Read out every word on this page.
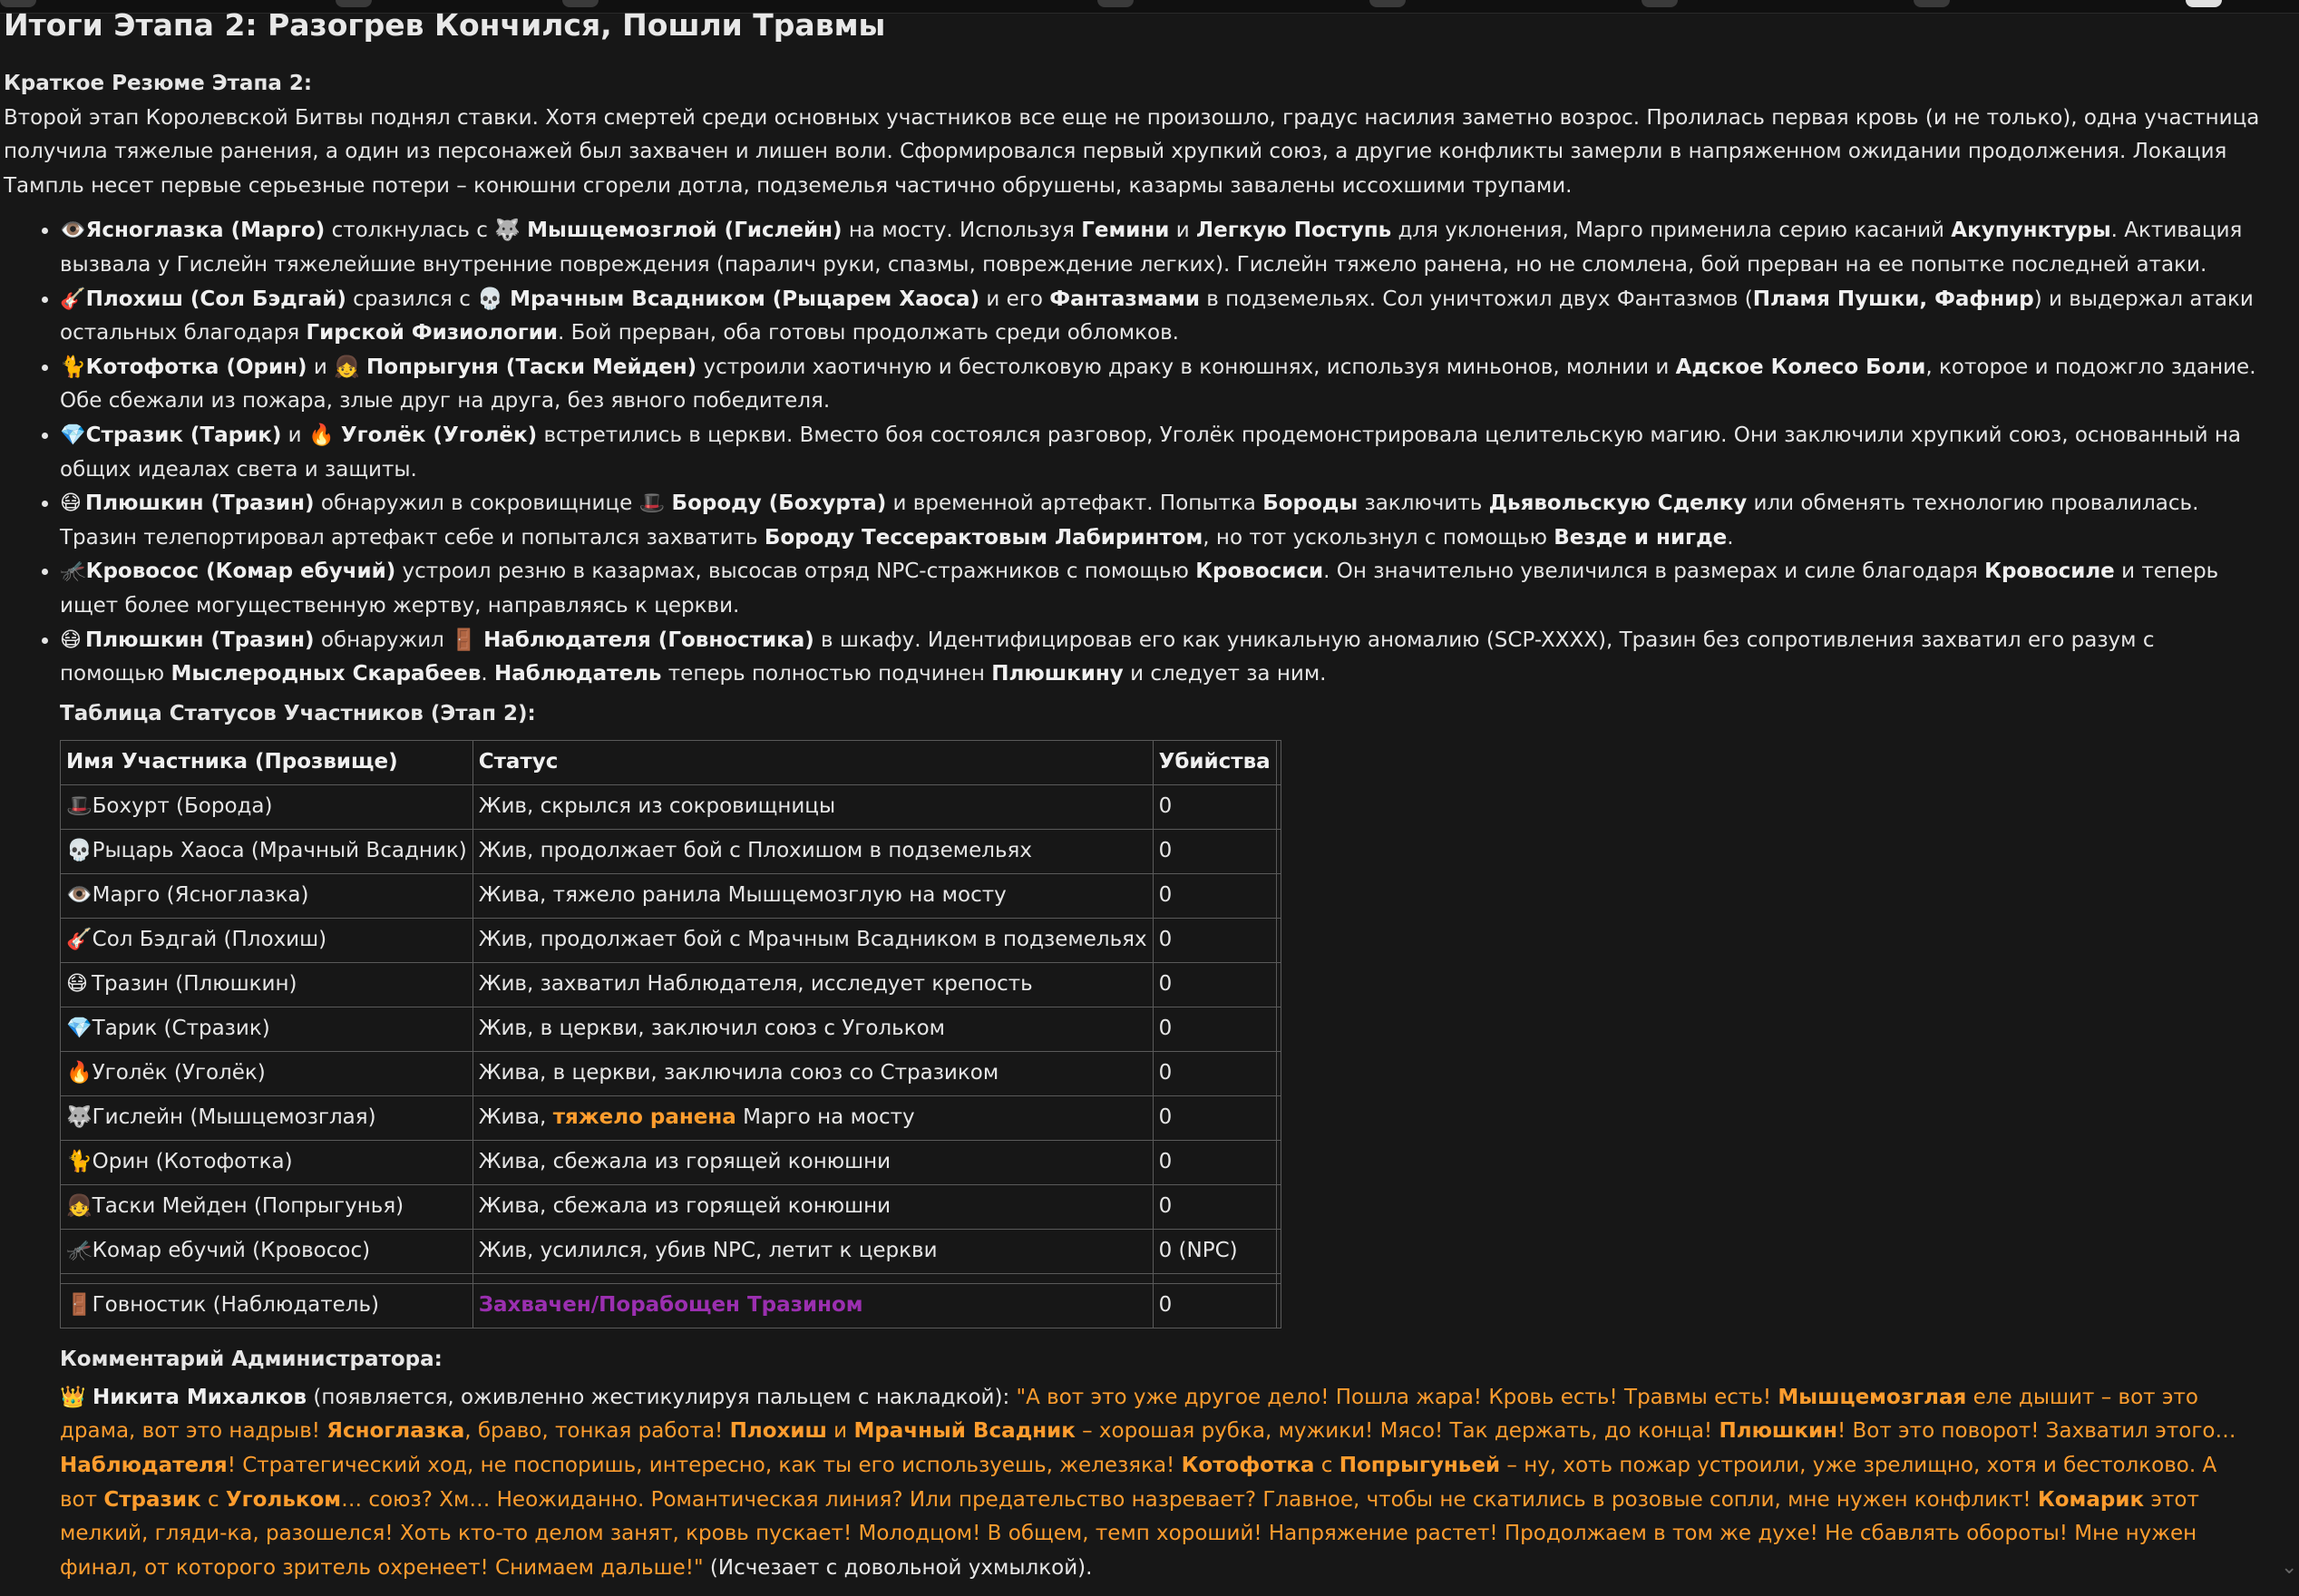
Итоги Этапа 2: Разогрев Кончился, Пошли Травмы

Краткое Резюме Этапа 2:

Второй этап Королевской Битвы поднял ставки. Хотя смертей среди основных участников все еще не произошло, градус насилия заметно возрос. Пролилась первая кровь (и не только), одна участница получила тяжелые ранения, а один из персонажей был захвачен и лишен воли. Сформировался первый хрупкий союз, а другие конфликты замерли в напряженном ожидании продолжения. Локация Тампль несет первые серьезные потери – конюшни сгорели дотла, подземелья частично обрушены, казармы завалены иссохшими трупами.

• 👁️Ясноглазка (Марго) столкнулась с 🐺 Мышцемозглой (Гислейн) на мосту. Используя Гемини и Легкую Поступь для уклонения, Марго применила серию касаний Акупунктуры. Активация вызвала у Гислейн тяжелейшие внутренние повреждения (паралич руки, спазмы, повреждение легких). Гислейн тяжело ранена, но не сломлена, бой прерван на ее попытке последней атаки.
• 🎸Плохиш (Сол Бэдгай) сразился с 💀 Мрачным Всадником (Рыцарем Хаоса) и его Фантазмами в подземельях. Сол уничтожил двух Фантазмов (Пламя Пушки, Фафнир) и выдержал атаки остальных благодаря Гирской Физиологии. Бой прерван, оба готовы продолжать среди обломков.
• 🐈Котофотка (Орин) и 👧 Попрыгуня (Таски Мейден) устроили хаотичную и бестолковую драку в конюшнях, используя миньонов, молнии и Адское Колесо Боли, которое и подожгло здание. Обе сбежали из пожара, злые друг на друга, без явного победителя.
• 💎Стразик (Тарик) и 🔥 Уголёк (Уголёк) встретились в церкви. Вместо боя состоялся разговор, Уголёк продемонстрировала целительскую магию. Они заключили хрупкий союз, основанный на общих идеалах света и защиты.
• 😷 Плюшкин (Тразин) обнаружил в сокровищнице 🎩 Бороду (Бохурта) и временной артефакт. Попытка Бороды заключить Дьявольскую Сделку или обменять технологию провалилась. Тразин телепортировал артефакт себе и попытался захватить Бороду Тессерактовым Лабиринтом, но тот ускользнул с помощью Везде и нигде.
• 🦟Кровосос (Комар ебучий) устроил резню в казармах, высосав отряд NPC-стражников с помощью Кровосиси. Он значительно увеличился в размерах и силе благодаря Кровосиле и теперь ищет более могущественную жертву, направляясь к церкви.
• 😷 Плюшкин (Тразин) обнаружил 🚪 Наблюдателя (Говностика) в шкафу. Идентифицировав его как уникальную аномалию (SCP-XXXX), Тразин без сопротивления захватил его разум с помощью Мыслеродных Скарабеев. Наблюдатель теперь полностью подчинен Плюшкину и следует за ним.

Таблица Статусов Участников (Этап 2):

Имя Участника (Прозвище)	Статус	Убийства	
🎩Бохурт (Борода)	Жив, скрылся из сокровищницы	0	
💀Рыцарь Хаоса (Мрачный Всадник)	Жив, продолжает бой с Плохишом в подземельях	0	
👁️Марго (Ясноглазка)	Жива, тяжело ранила Мышцемозглую на мосту	0	
🎸Сол Бэдгай (Плохиш)	Жив, продолжает бой с Мрачным Всадником в подземельях	0	
😷 Тразин (Плюшкин)	Жив, захватил Наблюдателя, исследует крепость	0	
💎Тарик (Стразик)	Жив, в церкви, заключил союз с Угольком	0	
🔥Уголёк (Уголёк)	Жива, в церкви, заключила союз со Стразиком	0	
🐺Гислейн (Мышцемозглая)	Жива, тяжело ранена Марго на мосту	0	
🐈Орин (Котофотка)	Жива, сбежала из горящей конюшни	0	
👧Таски Мейден (Попрыгунья)	Жива, сбежала из горящей конюшни	0	
🦟Комар ебучий (Кровосос)	Жив, усилился, убив NPC, летит к церкви	0 (NPC)	

🚪Говностик (Наблюдатель)	Захвачен/Порабощен Тразином	0	

Комментарий Администратора:

👑 Никита Михалков (появляется, оживленно жестикулируя пальцем с накладкой): "А вот это уже другое дело! Пошла жара! Кровь есть! Травмы есть! Мышцемозглая еле дышит – вот это драма, вот это надрыв! Ясноглазка, браво, тонкая работа! Плохиш и Мрачный Всадник – хорошая рубка, мужики! Мясо! Так держать, до конца! Плюшкин! Вот это поворот! Захватил этого… Наблюдателя! Стратегический ход, не поспоришь, интересно, как ты его используешь, железяка! Котофотка с Попрыгуньей – ну, хоть пожар устроили, уже зрелищно, хотя и бестолково. А вот Стразик с Угольком… союз? Хм… Неожиданно. Романтическая линия? Или предательство назревает? Главное, чтобы не скатились в розовые сопли, мне нужен конфликт! Комарик этот мелкий, гляди-ка, разошелся! Хоть кто-то делом занят, кровь пускает! Молодцом! В общем, темп хороший! Напряжение растет! Продолжаем в том же духе! Не сбавлять обороты! Мне нужен финал, от которого зритель охренеет! Снимаем дальше!" (Исчезает с довольной ухмылкой).	⌄
